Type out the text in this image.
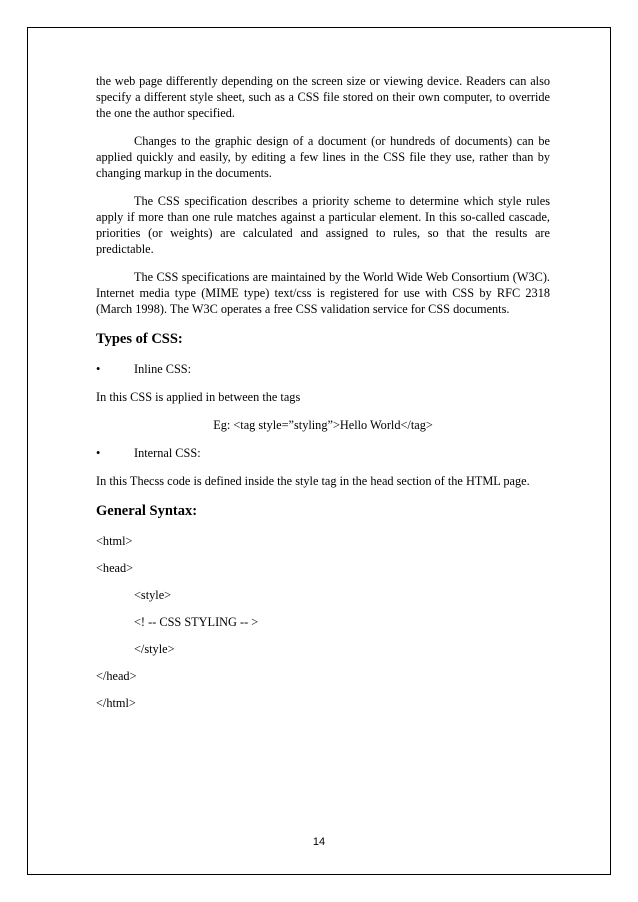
the web page differently depending on the screen size or viewing device. Readers can also specify a different style sheet, such as a CSS file stored on their own computer, to override the one the author specified.

Changes to the graphic design of a document (or hundreds of documents) can be applied quickly and easily, by editing a few lines in the CSS file they use, rather than by changing markup in the documents.

The CSS specification describes a priority scheme to determine which style rules apply if more than one rule matches against a particular element. In this so-called cascade, priorities (or weights) are calculated and assigned to rules, so that the results are predictable.

The CSS specifications are maintained by the World Wide Web Consortium (W3C). Internet media type (MIME type) text/css is registered for use with CSS by RFC 2318 (March 1998). The W3C operates a free CSS validation service for CSS documents.

Types of CSS:
•	Inline CSS:

In this CSS is applied in between the tags

Eg: <tag style=”styling”>Hello World</tag>
•	Internal CSS:

In this Thecss code is defined inside the style tag in the head section of the HTML page.

General Syntax:
<html>
<head>
<style>
<! -- CSS STYLING -- >
</style>
</head>
</html>
14
